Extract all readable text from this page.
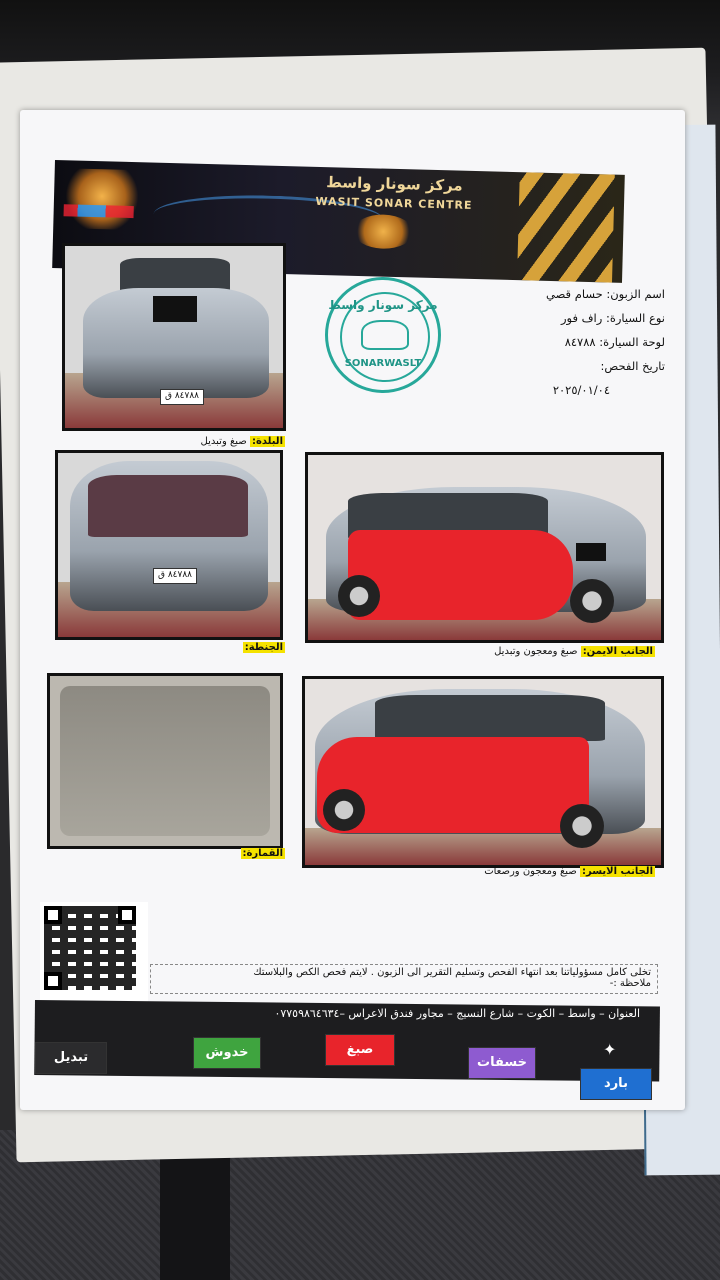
مركز سونار واسط
WASIT SONAR CENTRE
٨٤٧٨٨ ق
البلدة: صبغ وتبديل
اسم الزبون: حسام قصي
نوع السيارة: راف فور
لوحة السيارة: ٨٤٧٨٨
تاريخ الفحص:
٢٠٢٥/٠١/٠٤
مركز سونار واسط
SONARWASLT
٨٤٧٨٨ ق
الجنطة:	الجانب الايمن: صبغ ومعجون وتبديل
القمارة:
الجانب الايسر: صبغ ومعجون ورصعات
تخلى كامل مسؤولياتنا بعد انتهاء الفحص وتسليم التقرير الى الزبون . لايتم فحص الكص والبلاستك
ملاحظة :-
العنوان – واسط – الكوت – شارع النسيج – مجاور فندق الاعراس –٠٧٧٥٩٨٦٤٦٣٤
✦
بارد
خسفات
صبغ
خدوش
تبديل
